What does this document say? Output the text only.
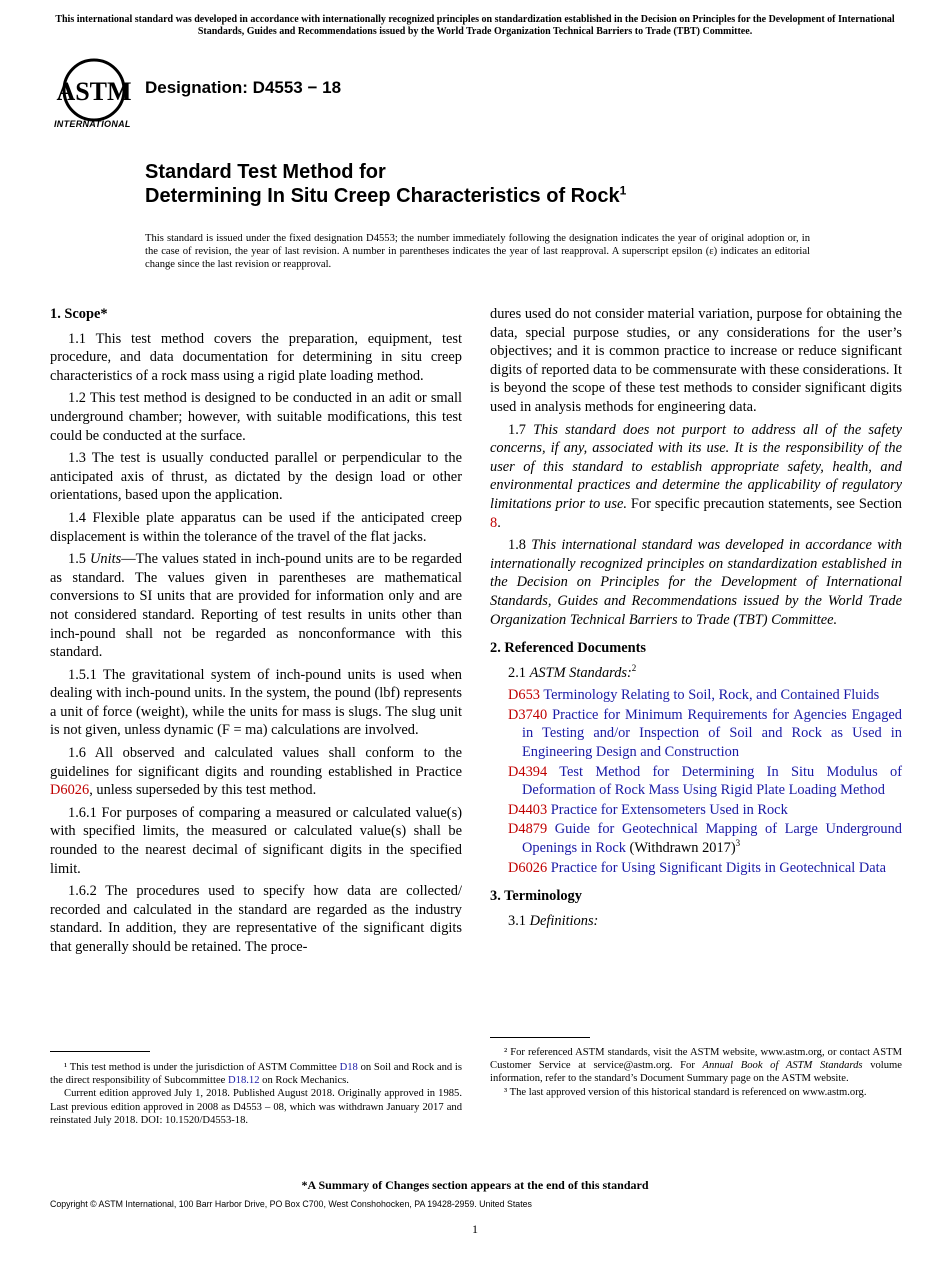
This international standard was developed in accordance with internationally recognized principles on standardization established in the Decision on Principles for the Development of International Standards, Guides and Recommendations issued by the World Trade Organization Technical Barriers to Trade (TBT) Committee.
ASTM
INTERNATIONAL
Designation: D4553 − 18
Standard Test Method for
Determining In Situ Creep Characteristics of Rock$^1$
This standard is issued under the fixed designation D4553; the number immediately following the designation indicates the year of original adoption or, in the case of revision, the year of last revision. A number in parentheses indicates the year of last reapproval. A superscript epsilon (ε) indicates an editorial change since the last revision or reapproval.
1. Scope*

1.1 This test method covers the preparation, equipment, test procedure, and data documentation for determining in situ creep characteristics of a rock mass using a rigid plate loading method.

1.2 This test method is designed to be conducted in an adit or small underground chamber; however, with suitable modifications, this test could be conducted at the surface.

1.3 The test is usually conducted parallel or perpendicular to the anticipated axis of thrust, as dictated by the design load or other orientations, based upon the application.

1.4 Flexible plate apparatus can be used if the anticipated creep displacement is within the tolerance of the travel of the flat jacks.

1.5 Units—The values stated in inch-pound units are to be regarded as standard. The values given in parentheses are mathematical conversions to SI units that are provided for information only and are not considered standard. Reporting of test results in units other than inch-pound shall not be regarded as nonconformance with this standard.

1.5.1 The gravitational system of inch-pound units is used when dealing with inch-pound units. In the system, the pound (lbf) represents a unit of force (weight), while the units for mass is slugs. The slug unit is not given, unless dynamic (F = ma) calculations are involved.

1.6 All observed and calculated values shall conform to the guidelines for significant digits and rounding established in Practice D6026, unless superseded by this test method.

1.6.1 For purposes of comparing a measured or calculated value(s) with specified limits, the measured or calculated value(s) shall be rounded to the nearest decimal of significant digits in the specified limit.

1.6.2 The procedures used to specify how data are collected/ recorded and calculated in the standard are regarded as the industry standard. In addition, they are representative of the significant digits that generally should be retained. The proce-

dures used do not consider material variation, purpose for obtaining the data, special purpose studies, or any considerations for the user’s objectives; and it is common practice to increase or reduce significant digits of reported data to be commensurate with these considerations. It is beyond the scope of these test methods to consider significant digits used in analysis methods for engineering data.

1.7 This standard does not purport to address all of the safety concerns, if any, associated with its use. It is the responsibility of the user of this standard to establish appropriate safety, health, and environmental practices and determine the applicability of regulatory limitations prior to use. For specific precaution statements, see Section 8.

1.8 This international standard was developed in accordance with internationally recognized principles on standardization established in the Decision on Principles for the Development of International Standards, Guides and Recommendations issued by the World Trade Organization Technical Barriers to Trade (TBT) Committee.

2. Referenced Documents

2.1 ASTM Standards:$^2$

D653 Terminology Relating to Soil, Rock, and Contained Fluids
D3740 Practice for Minimum Requirements for Agencies Engaged in Testing and/or Inspection of Soil and Rock as Used in Engineering Design and Construction
D4394 Test Method for Determining In Situ Modulus of Deformation of Rock Mass Using Rigid Plate Loading Method
D4403 Practice for Extensometers Used in Rock
D4879 Guide for Geotechnical Mapping of Large Underground Openings in Rock (Withdrawn 2017)$^3$
D6026 Practice for Using Significant Digits in Geotechnical Data
3. Terminology

3.1 Definitions:

¹ This test method is under the jurisdiction of ASTM Committee D18 on Soil and Rock and is the direct responsibility of Subcommittee D18.12 on Rock Mechanics.

Current edition approved July 1, 2018. Published August 2018. Originally approved in 1985. Last previous edition approved in 2008 as D4553 – 08, which was withdrawn January 2017 and reinstated July 2018. DOI: 10.1520/D4553-18.

² For referenced ASTM standards, visit the ASTM website, www.astm.org, or contact ASTM Customer Service at service@astm.org. For Annual Book of ASTM Standards volume information, refer to the standard’s Document Summary page on the ASTM website.

³ The last approved version of this historical standard is referenced on www.astm.org.

*A Summary of Changes section appears at the end of this standard
Copyright © ASTM International, 100 Barr Harbor Drive, PO Box C700, West Conshohocken, PA 19428-2959. United States
1
